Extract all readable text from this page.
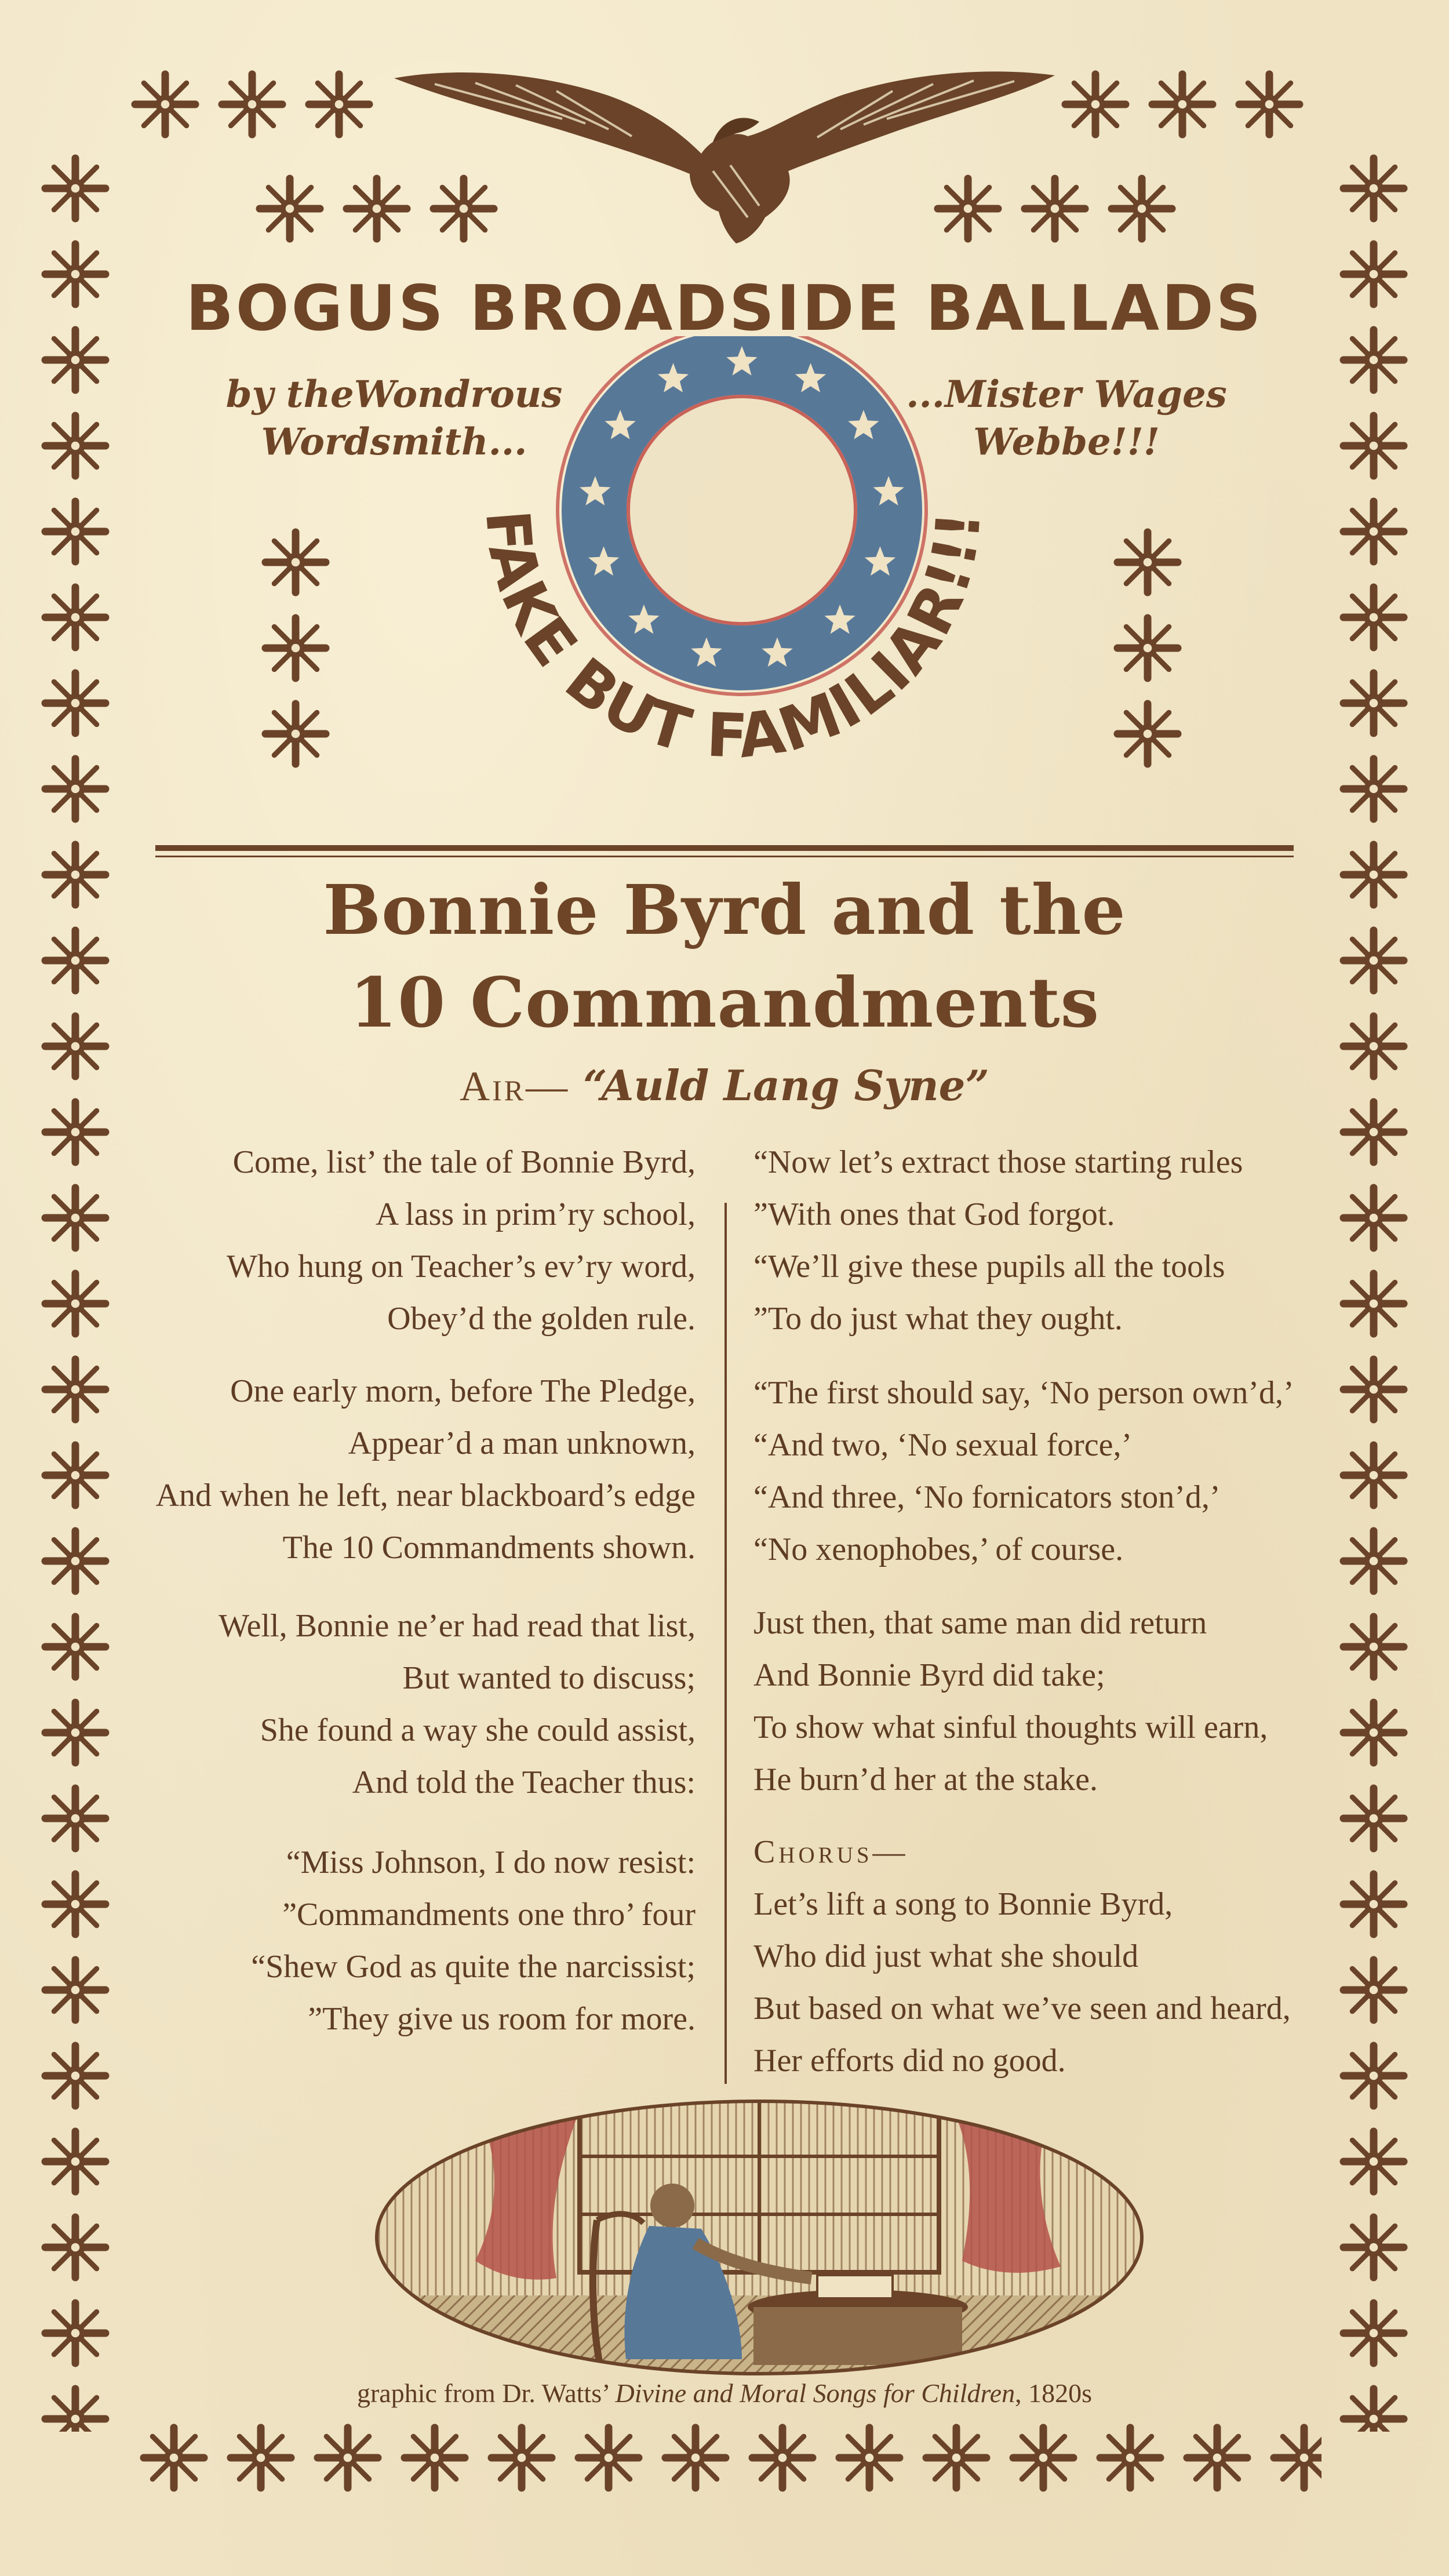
BOGUS BROADSIDE BALLADS
by theWondrous
Wordsmith...
...Mister Wages
Webbe!!!
FAKE BUT FAMILIAR!!!
Bonnie Byrd and the
10 Commandments
Air— “Auld Lang Syne”
Come, list’ the tale of Bonnie Byrd,
A lass in prim’ry school,
Who hung on Teacher’s ev’ry word,
Obey’d the golden rule.
One early morn, before The Pledge,
Appear’d a man unknown,
And when he left, near blackboard’s edge
The 10 Commandments shown.
Well, Bonnie ne’er had read that list,
But wanted to discuss;
She found a way she could assist,
And told the Teacher thus:
“Miss Johnson, I do now resist:
”Commandments one thro’ four
“Shew God as quite the narcissist;
”They give us room for more.
“Now let’s extract those starting rules
”With ones that God forgot.
“We’ll give these pupils all the tools
”To do just what they ought.
“The first should say, ‘No person own’d,’
“And two, ‘No sexual force,’
“And three, ‘No fornicators ston’d,’
“No xenophobes,’ of course.
Just then, that same man did return
And Bonnie Byrd did take;
To show what sinful thoughts will earn,
He burn’d her at the stake.
Chorus—
Let’s lift a song to Bonnie Byrd,
Who did just what she should
But based on what we’ve seen and heard,
Her efforts did no good.
graphic from Dr. Watts’ Divine and Moral Songs for Children, 1820s
